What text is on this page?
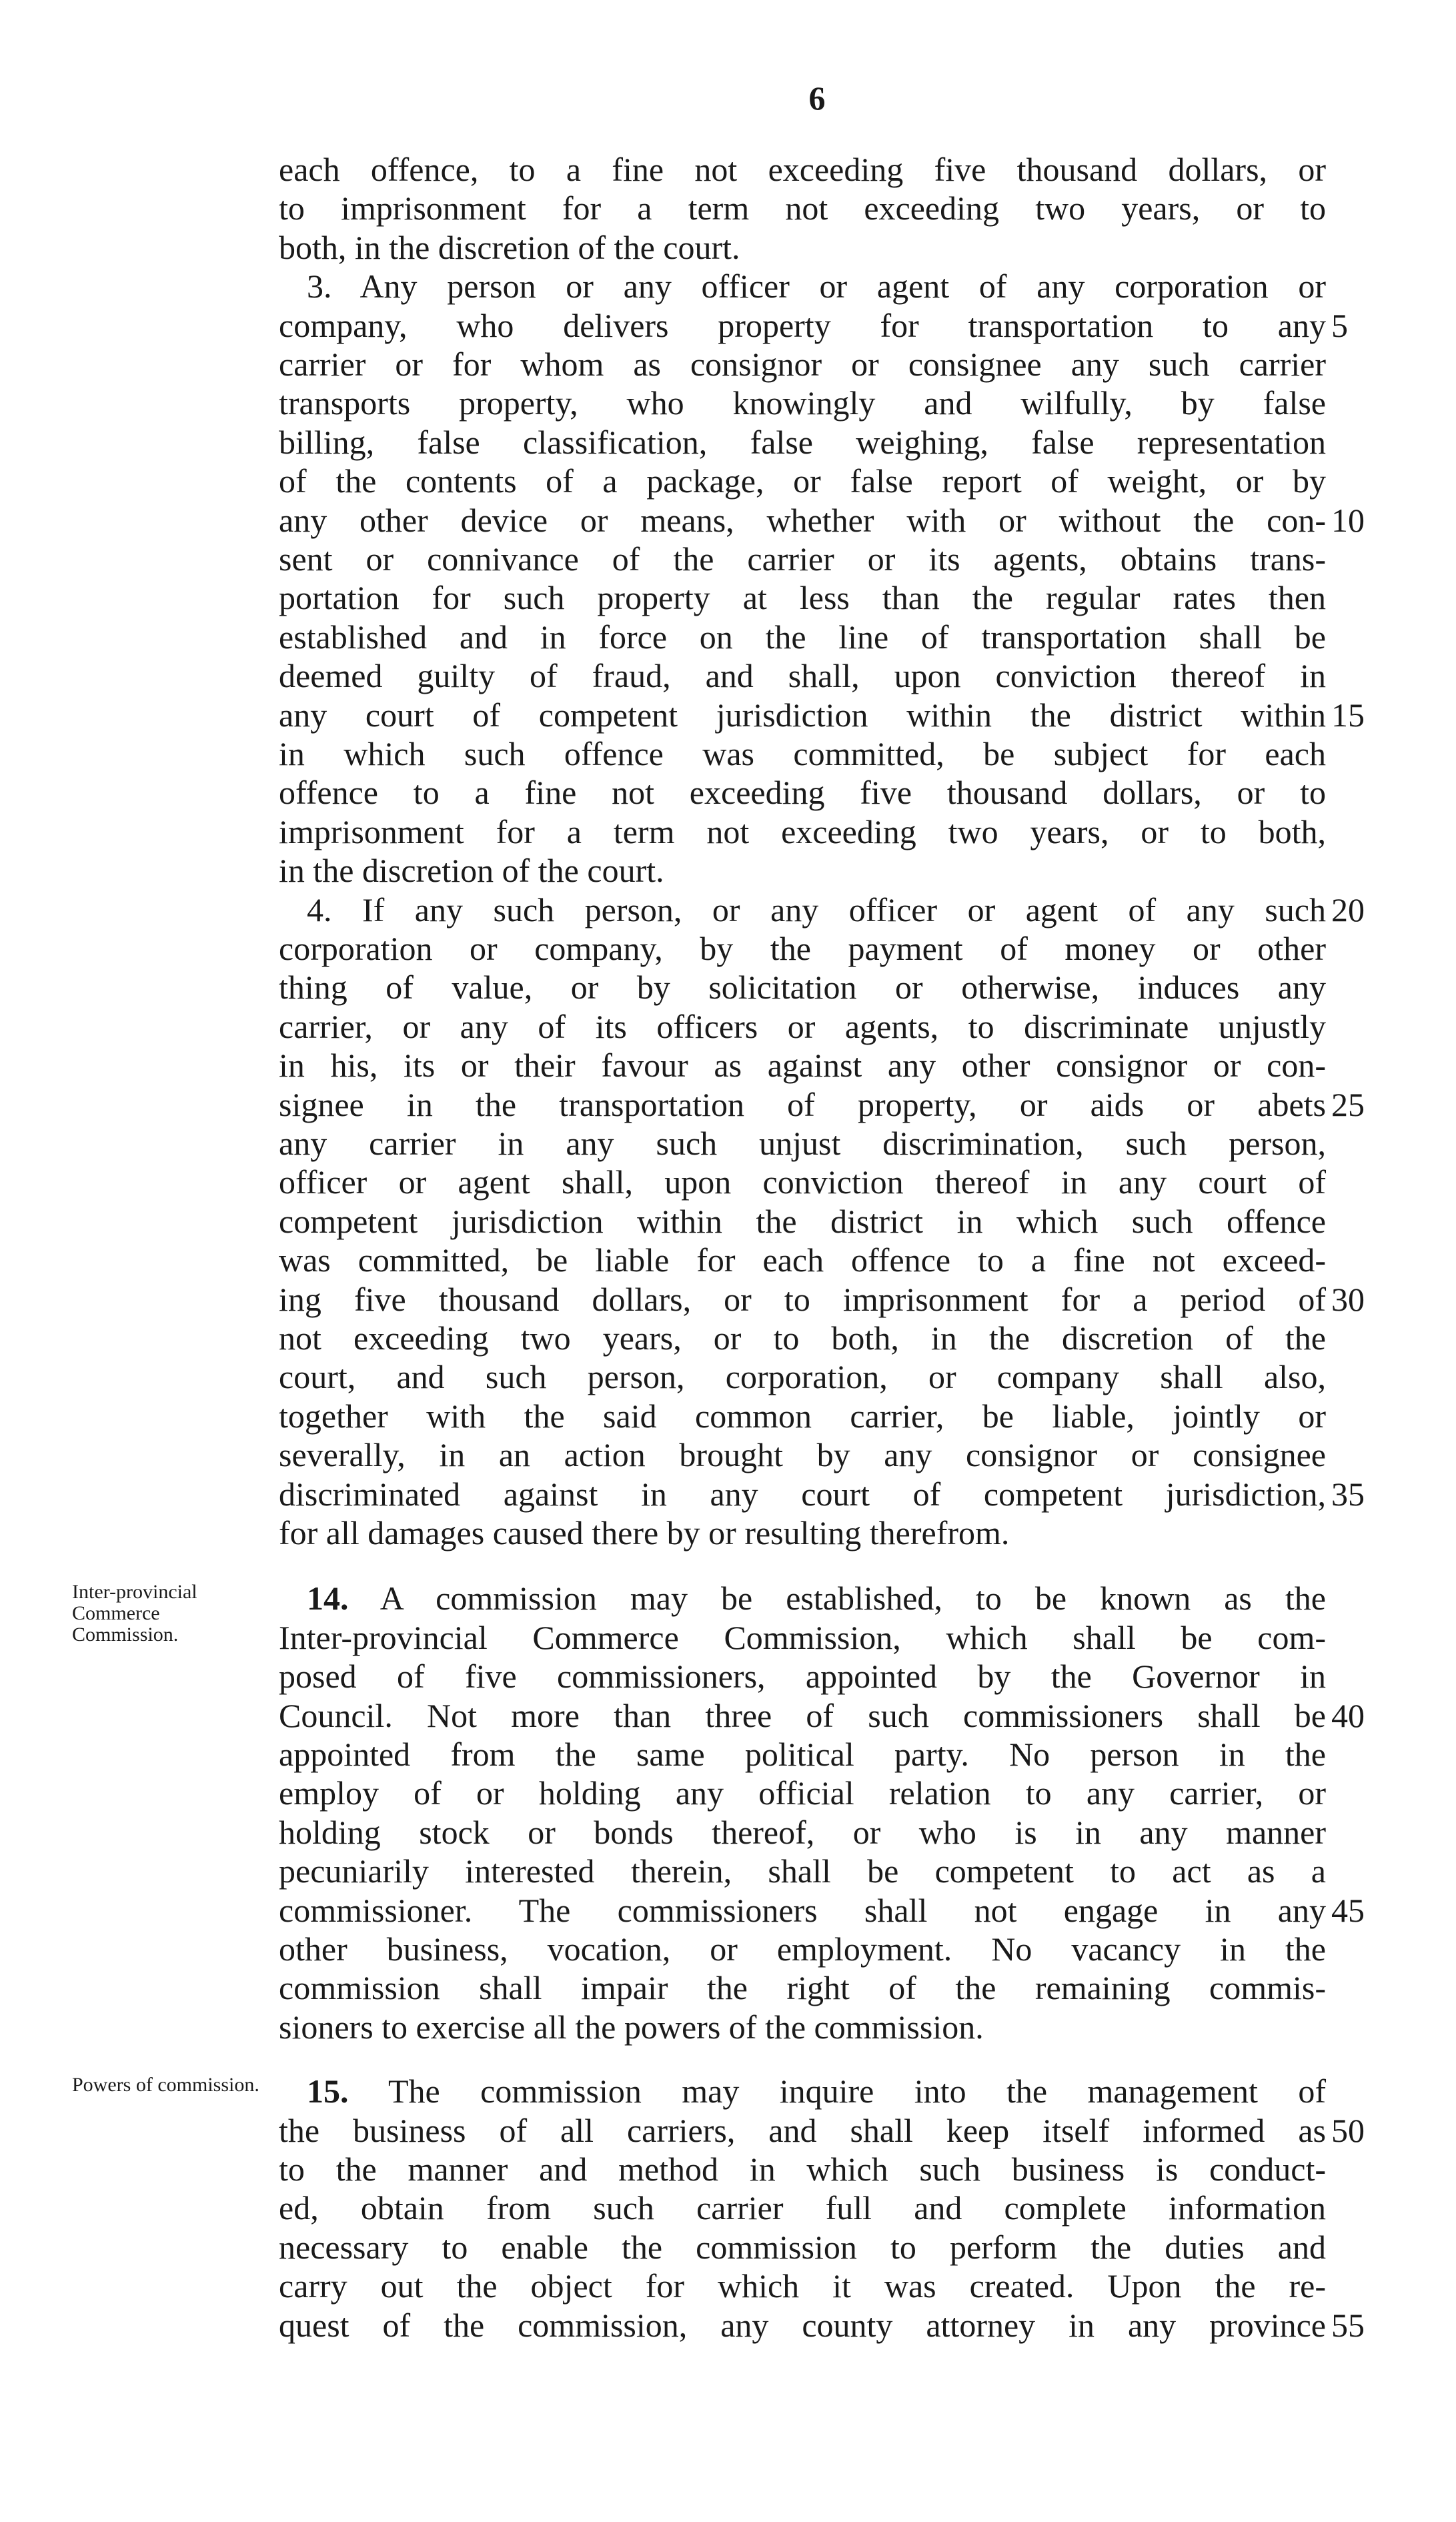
6
each offence, to a fine not exceeding five thousand dollars, or
to imprisonment for a term not exceeding two years, or to
both, in the discretion of the court.
3. Any person or any officer or agent of any corporation or
company, who delivers property for transportation to any
carrier or for whom as consignor or consignee any such carrier
transports property, who knowingly and wilfully, by false
billing, false classification, false weighing, false representation
of the contents of a package, or false report of weight, or by
any other device or means, whether with or without the con-
sent or connivance of the carrier or its agents, obtains trans-
portation for such property at less than the regular rates then
established and in force on the line of transportation shall be
deemed guilty of fraud, and shall, upon conviction thereof in
any court of competent jurisdiction within the district within
in which such offence was committed, be subject for each
offence to a fine not exceeding five thousand dollars, or to
imprisonment for a term not exceeding two years, or to both,
in the discretion of the court.
4. If any such person, or any officer or agent of any such
corporation or company, by the payment of money or other
thing of value, or by solicitation or otherwise, induces any
carrier, or any of its officers or agents, to discriminate unjustly
in his, its or their favour as against any other consignor or con-
signee in the transportation of property, or aids or abets
any carrier in any such unjust discrimination, such person,
officer or agent shall, upon conviction thereof in any court of
competent jurisdiction within the district in which such offence
was committed, be liable for each offence to a fine not exceed-
ing five thousand dollars, or to imprisonment for a period of
not exceeding two years, or to both, in the discretion of the
court, and such person, corporation, or company shall also,
together with the said common carrier, be liable, jointly or
severally, in an action brought by any consignor or consignee
discriminated against in any court of competent jurisdiction,
for all damages caused there by or resulting therefrom.
14. A commission may be established, to be known as the
Inter-provincial Commerce Commission, which shall be com-
posed of five commissioners, appointed by the Governor in
Council. Not more than three of such commissioners shall be
appointed from the same political party. No person in the
employ of or holding any official relation to any carrier, or
holding stock or bonds thereof, or who is in any manner
pecuniarily interested therein, shall be competent to act as a
commissioner. The commissioners shall not engage in any
other business, vocation, or employment. No vacancy in the
commission shall impair the right of the remaining commis-
sioners to exercise all the powers of the commission.
15. The commission may inquire into the management of
the business of all carriers, and shall keep itself informed as
to the manner and method in which such business is conduct-
ed, obtain from such carrier full and complete information
necessary to enable the commission to perform the duties and
carry out the object for which it was created. Upon the re-
quest of the commission, any county attorney in any province
5
10
15
20
25
30
35
40
45
50
55
Inter-provincial Commerce Commission.
Powers of commission.
